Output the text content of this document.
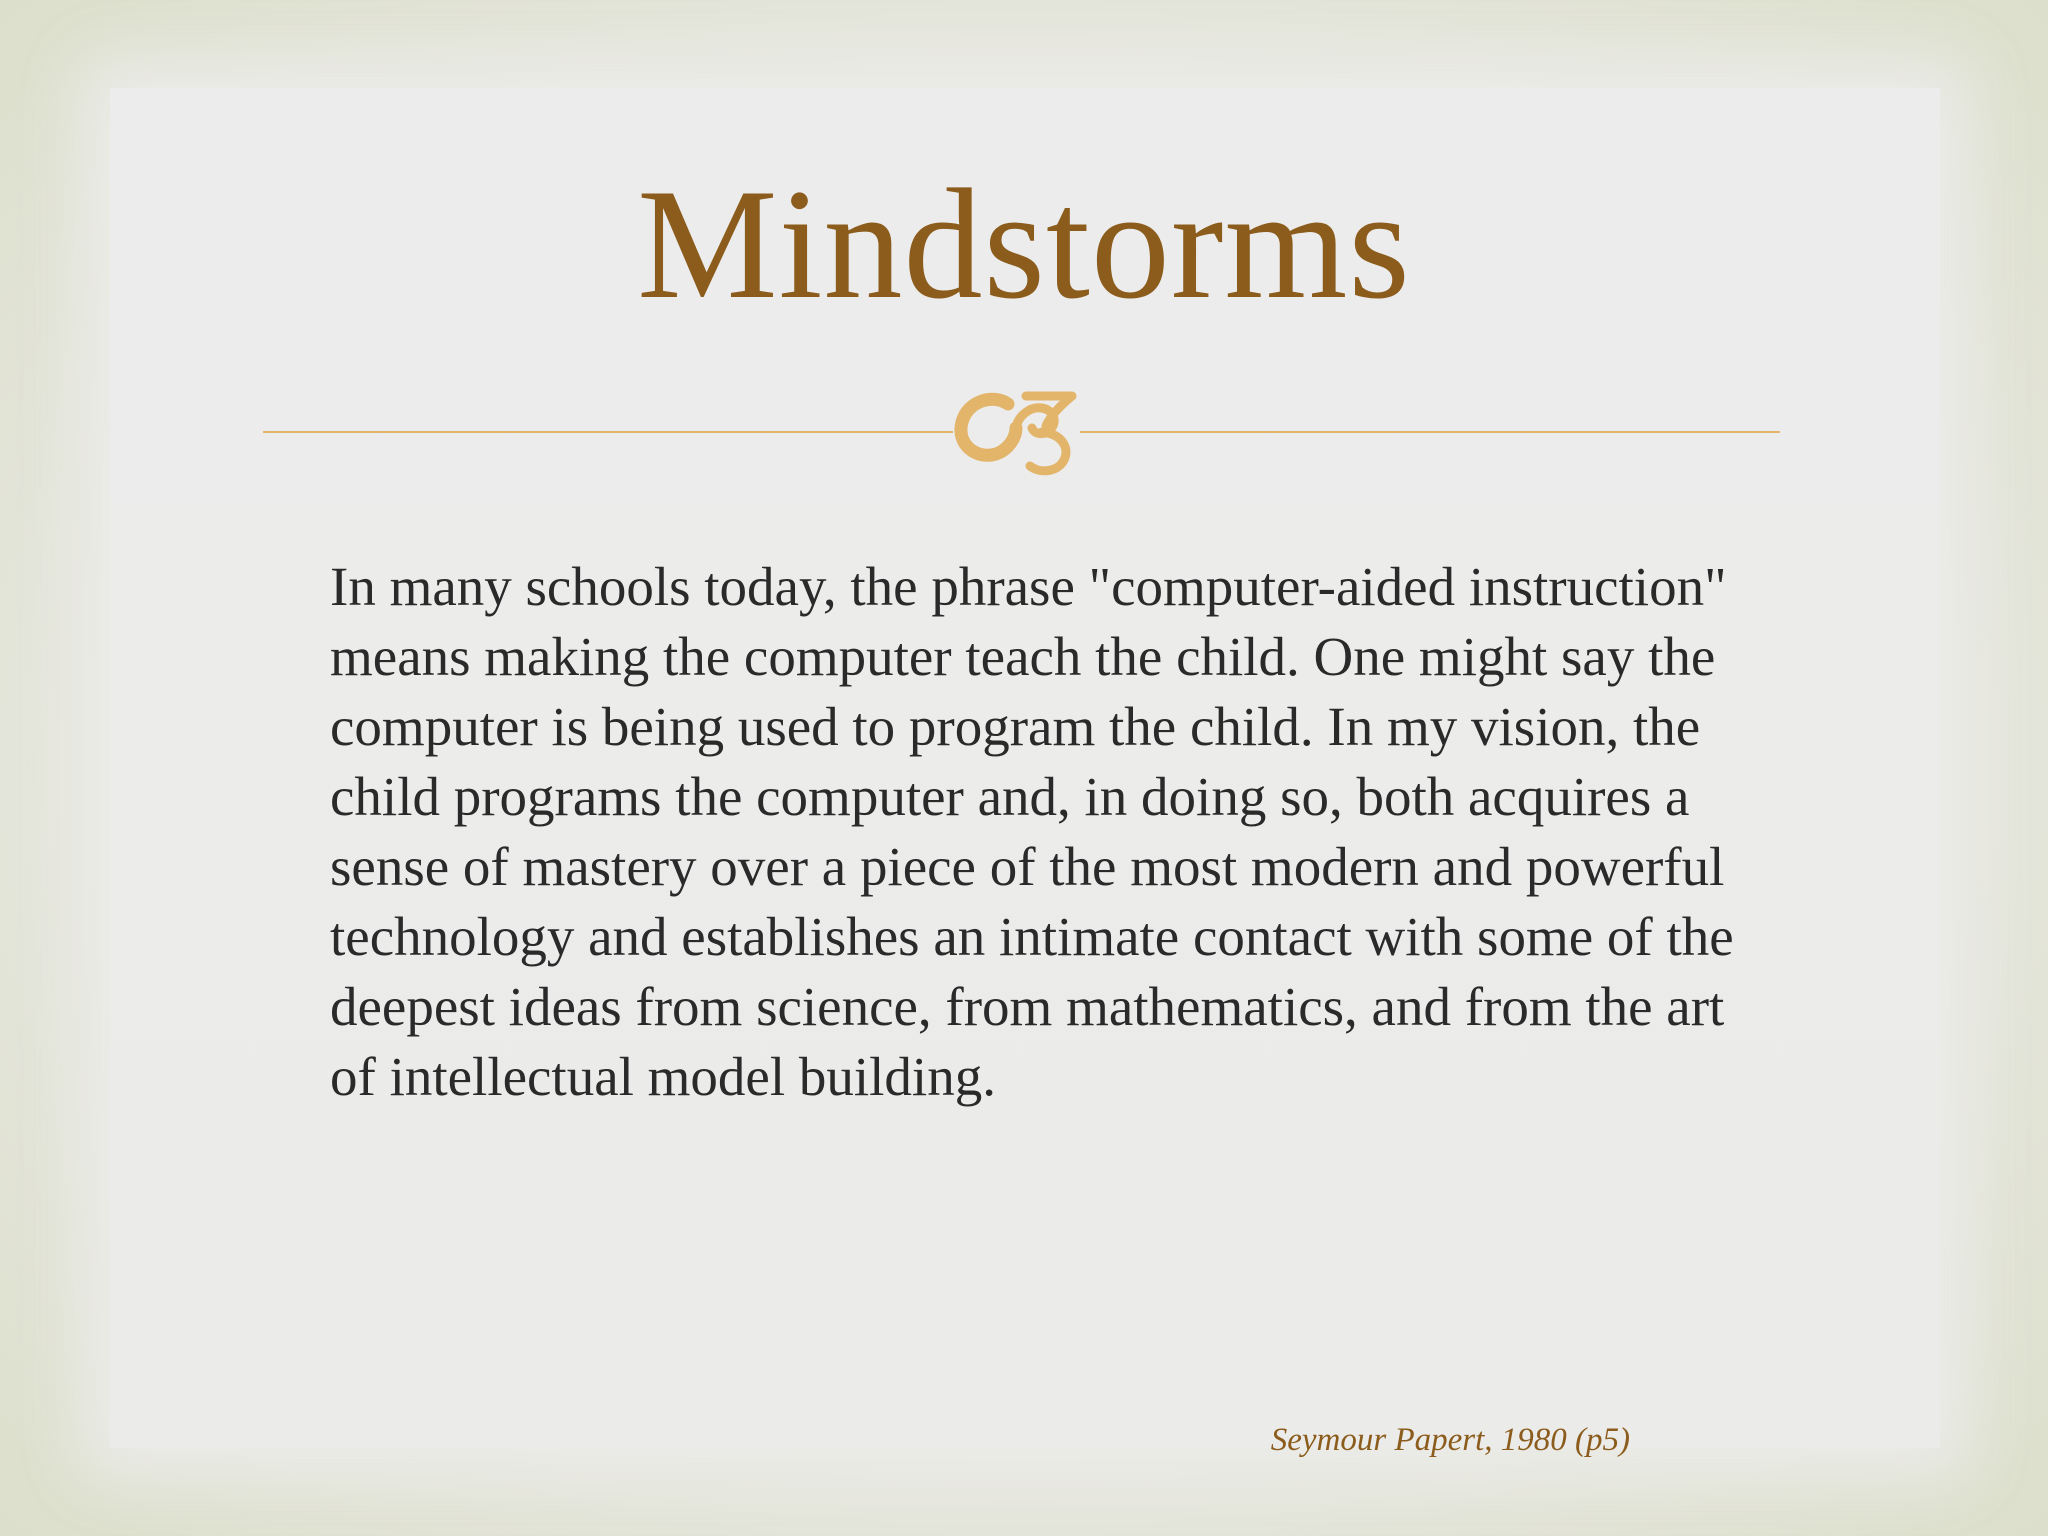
Mindstorms

In many schools today, the phrase "computer-aided instruction" means making the computer teach the child. One might say the computer is being used to program the child. In my vision, the child programs the computer and, in doing so, both acquires a sense of mastery over a piece of the most modern and powerful technology and establishes an intimate contact with some of the deepest ideas from science, from mathematics, and from the art of intellectual model building.

Seymour Papert, 1980 (p5)
